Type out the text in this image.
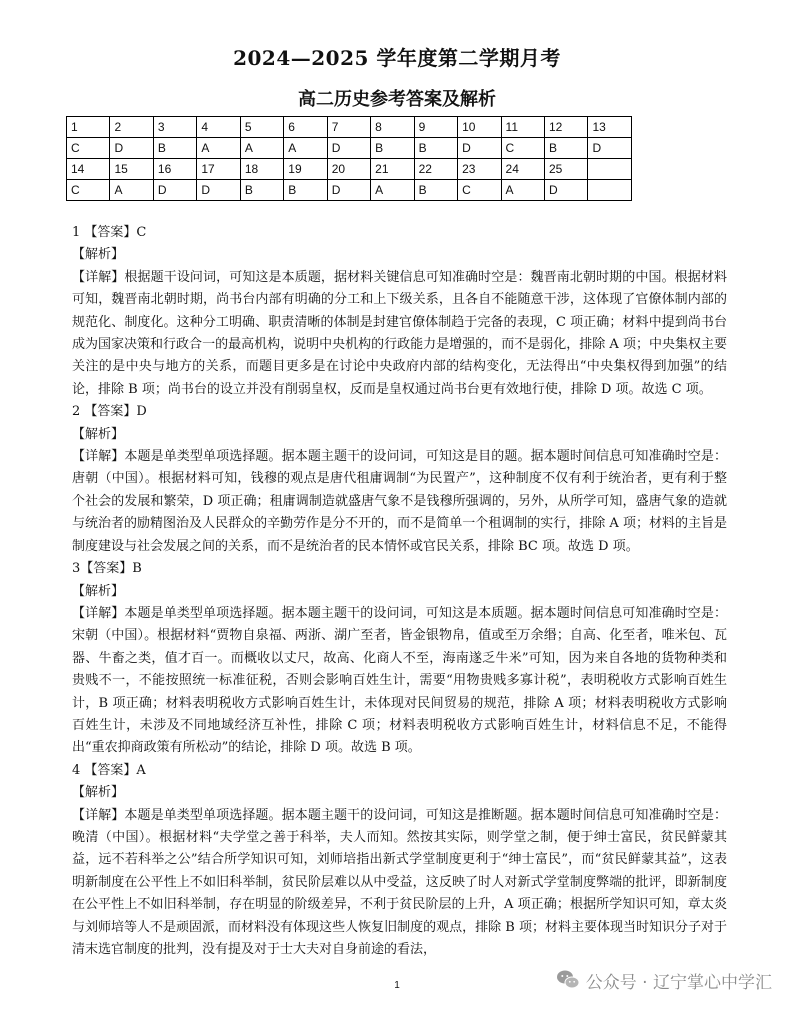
2024—2025 学年度第二学期月考
高二历史参考答案及解析
1	2	3	4	5	6	7	8	9	10	11	12	13
C	D	B	A	A	A	D	B	B	D	C	B	D
14	15	16	17	18	19	20	21	22	23	24	25	
C	A	D	D	B	B	D	A	B	C	A	D	

1 【答案】C

【解析】

【详解】根据题干设问词，可知这是本质题，据材料关键信息可知准确时空是：魏晋南北朝时期的中国。根据材料可知，魏晋南北朝时期，尚书台内部有明确的分工和上下级关系，且各自不能随意干涉，这体现了官僚体制内部的规范化、制度化。这种分工明确、职责清晰的体制是封建官僚体制趋于完备的表现，C 项正确；材料中提到尚书台成为国家决策和行政合一的最高机构，说明中央机构的行政能力是增强的，而不是弱化，排除 A 项；中央集权主要关注的是中央与地方的关系，而题目更多是在讨论中央政府内部的结构变化，无法得出“中央集权得到加强”的结论，排除 B 项；尚书台的设立并没有削弱皇权，反而是皇权通过尚书台更有效地行使，排除 D 项。故选 C 项。

2 【答案】D

【解析】

【详解】本题是单类型单项选择题。据本题主题干的设问词，可知这是目的题。据本题时间信息可知准确时空是：唐朝（中国）。根据材料可知，钱穆的观点是唐代租庸调制“为民置产”，这种制度不仅有利于统治者，更有利于整个社会的发展和繁荣，D 项正确；租庸调制造就盛唐气象不是钱穆所强调的，另外，从所学可知，盛唐气象的造就与统治者的励精图治及人民群众的辛勤劳作是分不开的，而不是简单一个租调制的实行，排除 A 项；材料的主旨是制度建设与社会发展之间的关系，而不是统治者的民本情怀或官民关系，排除 BC 项。故选 D 项。

3【答案】B

【解析】

【详解】本题是单类型单项选择题。据本题主题干的设问词，可知这是本质题。据本题时间信息可知准确时空是：宋朝（中国）。根据材料“贾物自泉福、两浙、湖广至者，皆金银物帛，值或至万余缗；自高、化至者，唯米包、瓦器、牛畜之类，值才百一。而概收以丈尺，故高、化商人不至，海南遂乏牛米”可知，因为来自各地的货物种类和贵贱不一，不能按照统一标准征税，否则会影响百姓生计，需要“用物贵贱多寡计税”，表明税收方式影响百姓生计，B 项正确；材料表明税收方式影响百姓生计，未体现对民间贸易的规范，排除 A 项；材料表明税收方式影响百姓生计，未涉及不同地域经济互补性，排除 C 项；材料表明税收方式影响百姓生计，材料信息不足，不能得出“重农抑商政策有所松动”的结论，排除 D 项。故选 B 项。

4 【答案】A

【解析】

【详解】本题是单类型单项选择题。据本题主题干的设问词，可知这是推断题。据本题时间信息可知准确时空是：晚清（中国）。根据材料“夫学堂之善于科举，夫人而知。然按其实际，则学堂之制，便于绅士富民，贫民鲜蒙其益，远不若科举之公”结合所学知识可知，刘师培指出新式学堂制度更利于“绅士富民”，而“贫民鲜蒙其益”，这表明新制度在公平性上不如旧科举制，贫民阶层难以从中受益，这反映了时人对新式学堂制度弊端的批评，即新制度在公平性上不如旧科举制，存在明显的阶级差异，不利于贫民阶层的上升，A 项正确；根据所学知识可知，章太炎与刘师培等人不是顽固派，而材料没有体现这些人恢复旧制度的观点，排除 B 项；材料主要体现当时知识分子对于清末选官制度的批判，没有提及对于士大夫对自身前途的看法，

1	公众号 · 辽宁掌心中学汇
